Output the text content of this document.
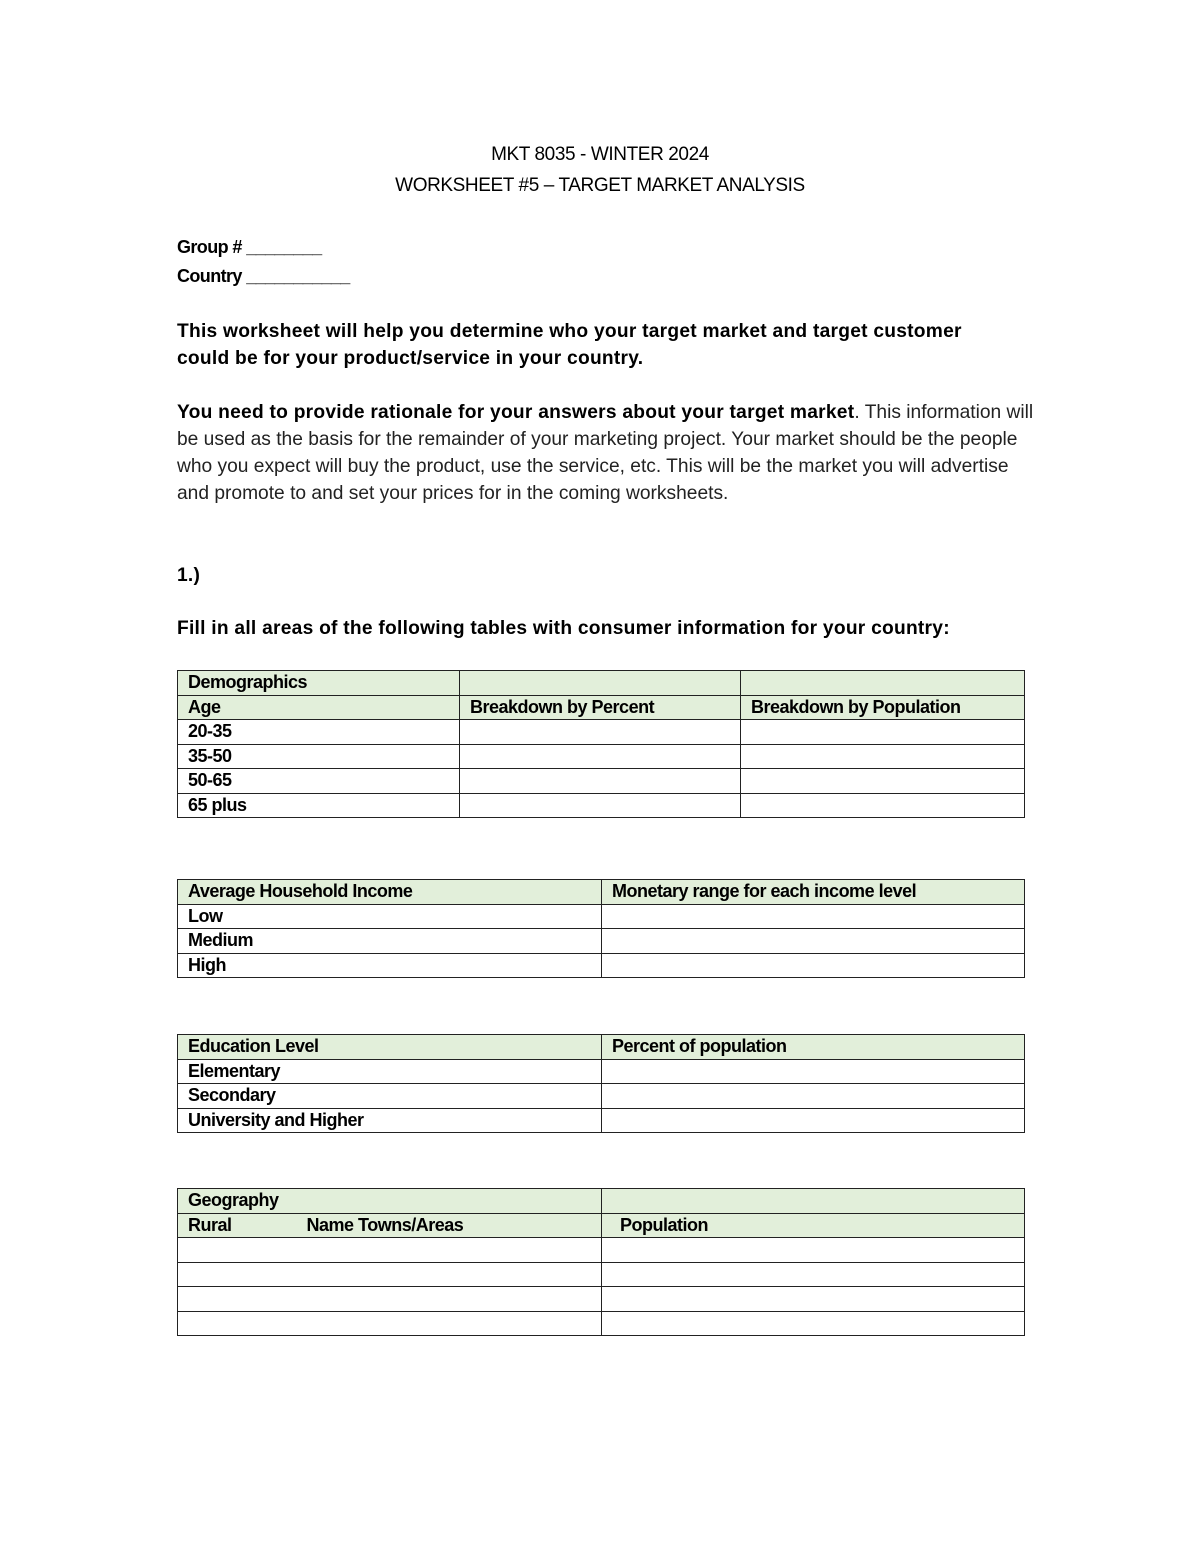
MKT 8035 - WINTER 2024
WORKSHEET #5 – TARGET MARKET ANALYSIS
Group # ________
Country ___________
This worksheet will help you determine who your target market and target customer could be for your product/service in your country.
You need to provide rationale for your answers about your target market. This information will be used as the basis for the remainder of your marketing project. Your market should be the people who you expect will buy the product, use the service, etc. This will be the market you will advertise and promote to and set your prices for in the coming worksheets.
1.)
Fill in all areas of the following tables with consumer information for your country:
Demographics		
Age	Breakdown by Percent	Breakdown by Population
20-35		
35-50		
50-65		
65 plus		
Average Household Income	Monetary range for each income level
Low	
Medium	
High	
Education Level	Percent of population
Elementary	
Secondary	
University and Higher	
Geography	
Rural Name Towns/Areas	Population
